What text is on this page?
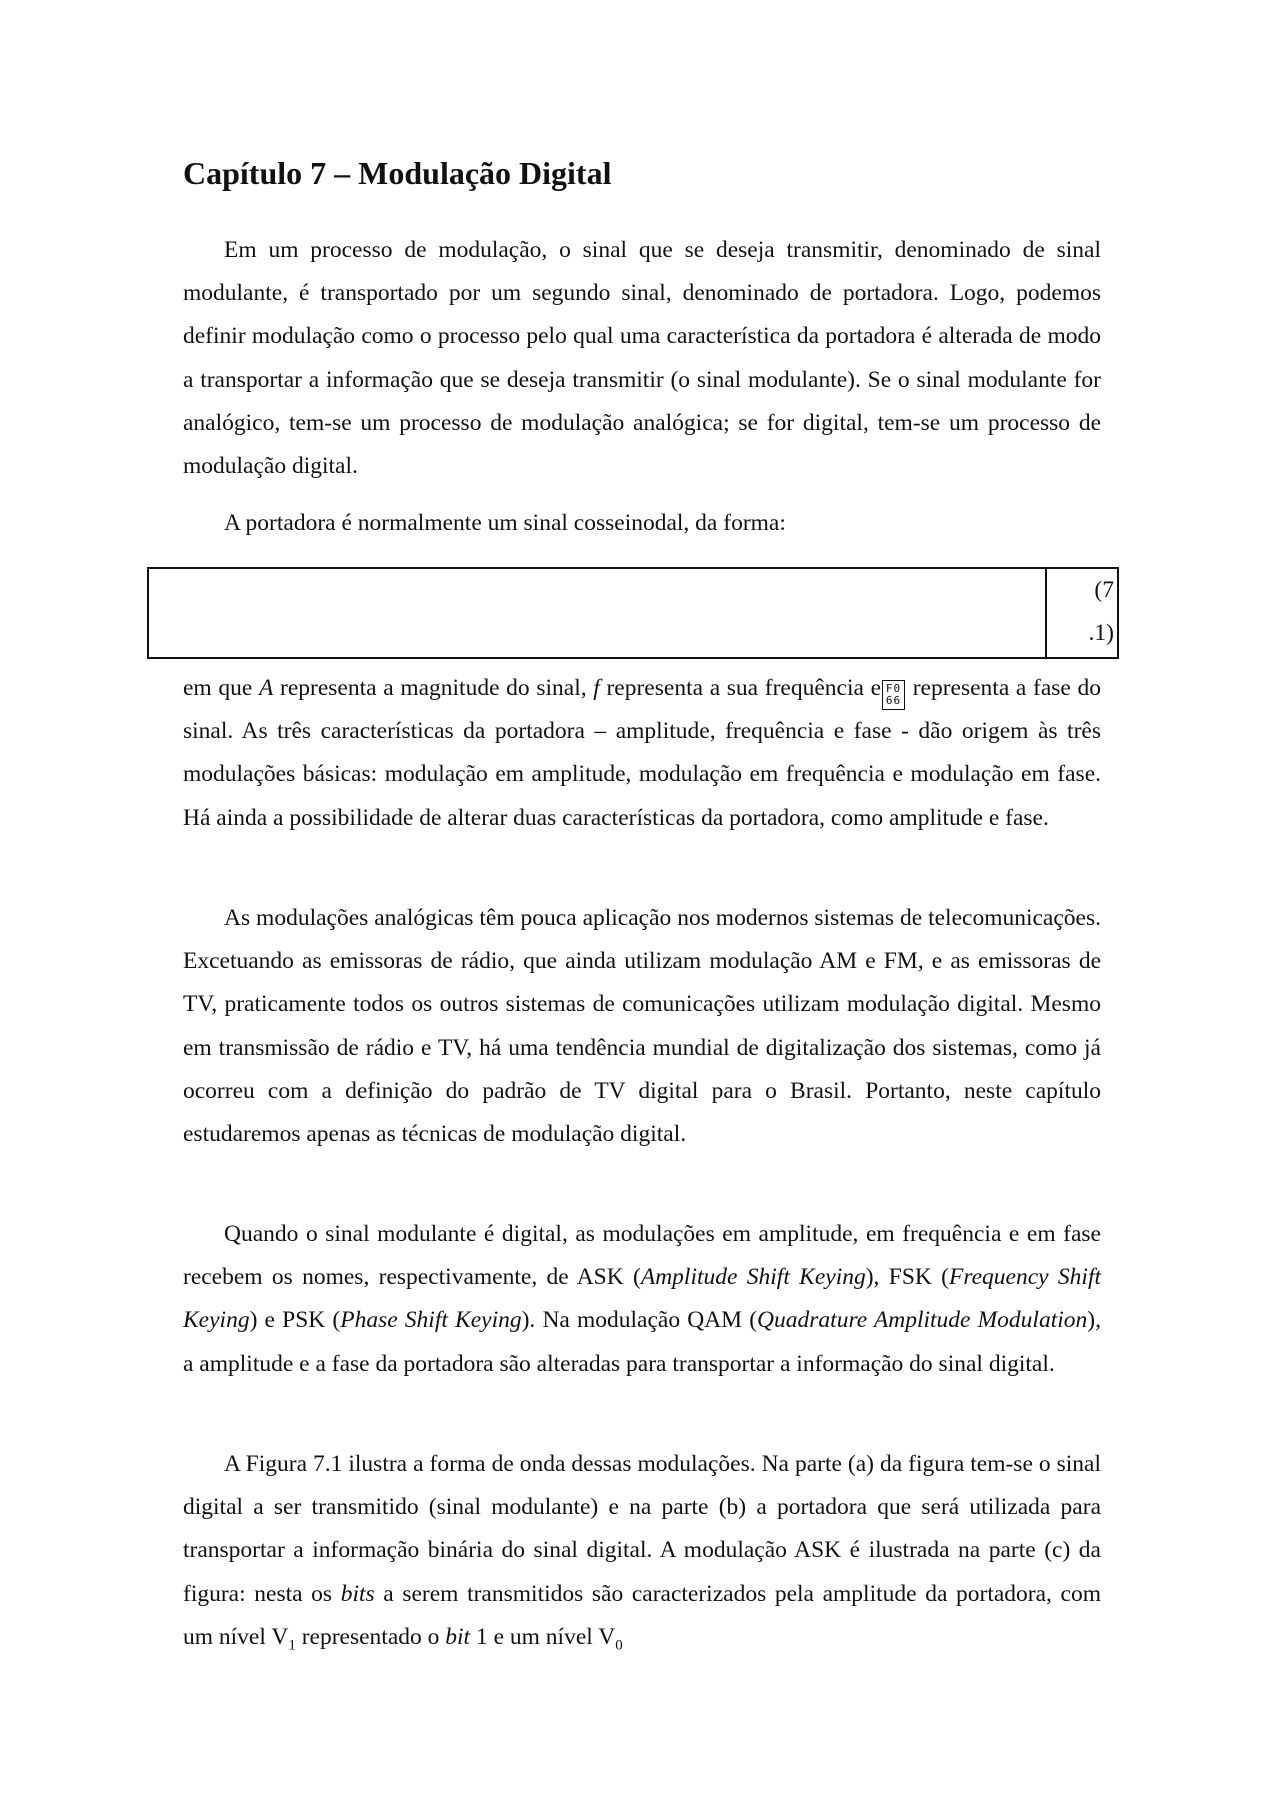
Capítulo 7 – Modulação Digital

Em um processo de modulação, o sinal que se deseja transmitir, denominado de sinal modulante, é transportado por um segundo sinal, denominado de portadora. Logo, podemos definir modulação como o processo pelo qual uma característica da portadora é alterada de modo a transportar a informação que se deseja transmitir (o sinal modulante). Se o sinal modulante for analógico, tem-se um processo de modulação analógica; se for digital, tem-se um processo de modulação digital.

A portadora é normalmente um sinal cosseinodal, da forma:

(7
.1)

em que A representa a magnitude do sinal, f representa a sua frequência e F0
66 representa a fase do sinal. As três características da portadora – amplitude, frequência e fase - dão origem às três modulações básicas: modulação em amplitude, modulação em frequência e modulação em fase. Há ainda a possibilidade de alterar duas características da portadora, como amplitude e fase.

As modulações analógicas têm pouca aplicação nos modernos sistemas de telecomunicações. Excetuando as emissoras de rádio, que ainda utilizam modulação AM e FM, e as emissoras de TV, praticamente todos os outros sistemas de comunicações utilizam modulação digital. Mesmo em transmissão de rádio e TV, há uma tendência mundial de digitalização dos sistemas, como já ocorreu com a definição do padrão de TV digital para o Brasil. Portanto, neste capítulo estudaremos apenas as técnicas de modulação digital.

Quando o sinal modulante é digital, as modulações em amplitude, em frequência e em fase recebem os nomes, respectivamente, de ASK (Amplitude Shift Keying), FSK (Frequency Shift Keying) e PSK (Phase Shift Keying). Na modulação QAM (Quadrature Amplitude Modulation), a amplitude e a fase da portadora são alteradas para transportar a informação do sinal digital.

A Figura 7.1 ilustra a forma de onda dessas modulações. Na parte (a) da figura tem-se o sinal digital a ser transmitido (sinal modulante) e na parte (b) a portadora que será utilizada para transportar a informação binária do sinal digital. A modulação ASK é ilustrada na parte (c) da figura: nesta os bits a serem transmitidos são caracterizados pela amplitude da portadora, com um nível $V_1$ representado o bit 1 e um nível $V_0$
